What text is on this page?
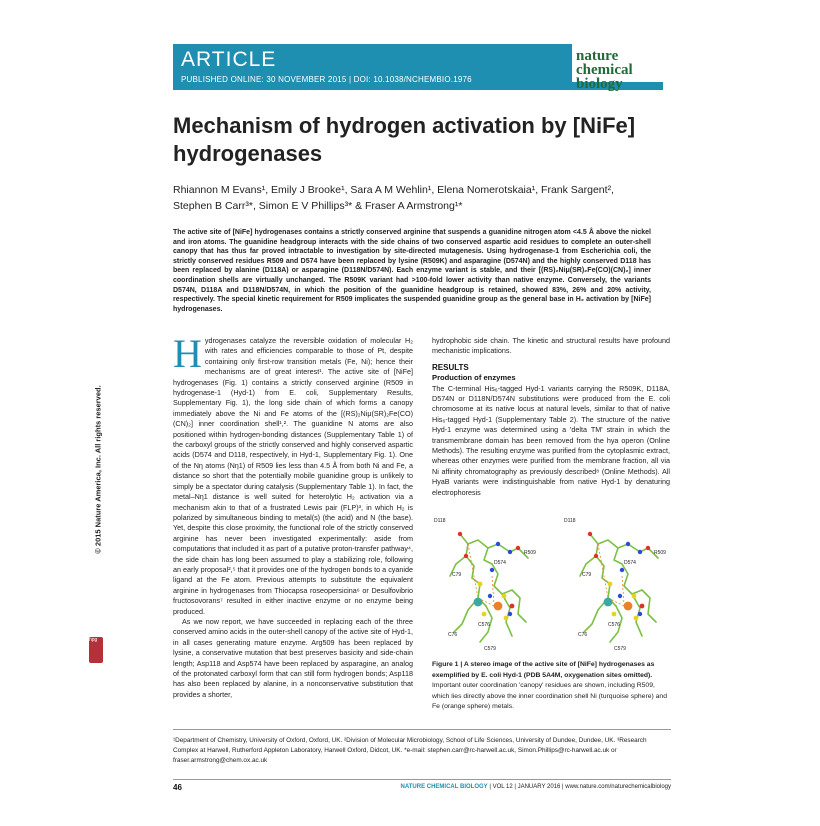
ARTICLE
PUBLISHED ONLINE: 30 NOVEMBER 2015 | DOI: 10.1038/NCHEMBIO.1976
nature
chemical biology
Mechanism of hydrogen activation by [NiFe] hydrogenases
Rhiannon M Evans¹, Emily J Brooke¹, Sara A M Wehlin¹, Elena Nomerotskaia¹, Frank Sargent²,
Stephen B Carr³*, Simon E V Phillips³* & Fraser A Armstrong¹*
The active site of [NiFe] hydrogenases contains a strictly conserved arginine that suspends a guanidine nitrogen atom <4.5 Å above the nickel and iron atoms. The guanidine headgroup interacts with the side chains of two conserved aspartic acid residues to complete an outer-shell canopy that has thus far proved intractable to investigation by site-directed mutagenesis. Using hydrogenase-1 from Escherichia coli, the strictly conserved residues R509 and D574 have been replaced by lysine (R509K) and asparagine (D574N) and the highly conserved D118 has been replaced by alanine (D118A) or asparagine (D118N/D574N). Each enzyme variant is stable, and their [(RS)₂Niμ(SR)₂Fe(CO)(CN)₂] inner coordination shells are virtually unchanged. The R509K variant had >100-fold lower activity than native enzyme. Conversely, the variants D574N, D118A and D118N/D574N, in which the position of the guanidine headgroup is retained, showed 83%, 26% and 20% activity, respectively. The special kinetic requirement for R509 implicates the suspended guanidine group as the general base in H₂ activation by [NiFe] hydrogenases.
© 2015 Nature America, Inc. All rights reserved.
npg

Hydrogenases catalyze the reversible oxidation of molecular H₂ with rates and efficiencies comparable to those of Pt, despite containing only first-row transition metals (Fe, Ni); hence their mechanisms are of great interest¹. The active site of [NiFe] hydrogenases (Fig. 1) contains a strictly conserved arginine (R509 in hydrogenase-1 (Hyd-1) from E. coli, Supplementary Results, Supplementary Fig. 1), the long side chain of which forms a canopy immediately above the Ni and Fe atoms of the [(RS)₂Niμ(SR)₂Fe(CO)(CN)₂] inner coordination shell¹,². The guanidine N atoms are also positioned within hydrogen-bonding distances (Supplementary Table 1) of the carboxyl groups of the strictly conserved and highly conserved aspartic acids (D574 and D118, respectively, in Hyd-1, Supplementary Fig. 1). One of the Nη atoms (Nη1) of R509 lies less than 4.5 Å from both Ni and Fe, a distance so short that the potentially mobile guanidine group is unlikely to simply be a spectator during catalysis (Supplementary Table 1). In fact, the metal–Nη1 distance is well suited for heterolytic H₂ activation via a mechanism akin to that of a frustrated Lewis pair (FLP)³, in which H₂ is polarized by simultaneous binding to metal(s) (the acid) and N (the base). Yet, despite this close proximity, the functional role of the strictly conserved arginine has never been investigated experimentally: aside from computations that included it as part of a putative proton-transfer pathway⁴, the side chain has long been assumed to play a stabilizing role, following an early proposal²,⁵ that it provides one of the hydrogen bonds to a cyanide ligand at the Fe atom. Previous attempts to substitute the equivalent arginine in hydrogenases from Thiocapsa roseopersicina⁶ or Desulfovibrio fructosovorans⁷ resulted in either inactive enzyme or no enzyme being produced.

As we now report, we have succeeded in replacing each of the three conserved amino acids in the outer-shell canopy of the active site of Hyd-1, in all cases generating mature enzyme. Arg509 has been replaced by lysine, a conservative mutation that best preserves basicity and side-chain length; Asp118 and Asp574 have been replaced by asparagine, an analog of the protonated carboxyl form that can still form hydrogen bonds; Asp118 has also been replaced by alanine, in a nonconservative substitution that provides a shorter,

hydrophobic side chain. The kinetic and structural results have profound mechanistic implications.

RESULTS
Production of enzymes

The C-terminal His₆-tagged Hyd-1 variants carrying the R509K, D118A, D574N or D118N/D574N substitutions were produced from the E. coli chromosome at its native locus at natural levels, similar to that of native His₆-tagged Hyd-1 (Supplementary Table 2). The structure of the native Hyd-1 enzyme was determined using a 'delta TM' strain in which the transmembrane domain has been removed from the hya operon (Online Methods). The resulting enzyme was purified from the cytoplasmic extract, whereas other enzymes were purified from the membrane fraction, all via Ni affinity chromatography as previously described⁸ (Online Methods). All HyaB variants were indistinguishable from native Hyd-1 by denaturing electrophoresis

D118
R509
D574
C79
C576
C76
C579
D118
R509
D574
C79
C576
C76
C579
Figure 1 | A stereo image of the active site of [NiFe] hydrogenases as exemplified by E. coli Hyd-1 (PDB 5A4M, oxygenation sites omitted). Important outer coordination 'canopy' residues are shown, including R509, which lies directly above the inner coordination shell Ni (turquoise sphere) and Fe (orange sphere) metals.
¹Department of Chemistry, University of Oxford, Oxford, UK. ²Division of Molecular Microbiology, School of Life Sciences, University of Dundee, Dundee, UK. ³Research Complex at Harwell, Rutherford Appleton Laboratory, Harwell Oxford, Didcot, UK. *e-mail: stephen.carr@rc-harwell.ac.uk, Simon.Phillips@rc-harwell.ac.uk or fraser.armstrong@chem.ox.ac.uk
46	NATURE CHEMICAL BIOLOGY | VOL 12 | JANUARY 2016 | www.nature.com/naturechemicalbiology
